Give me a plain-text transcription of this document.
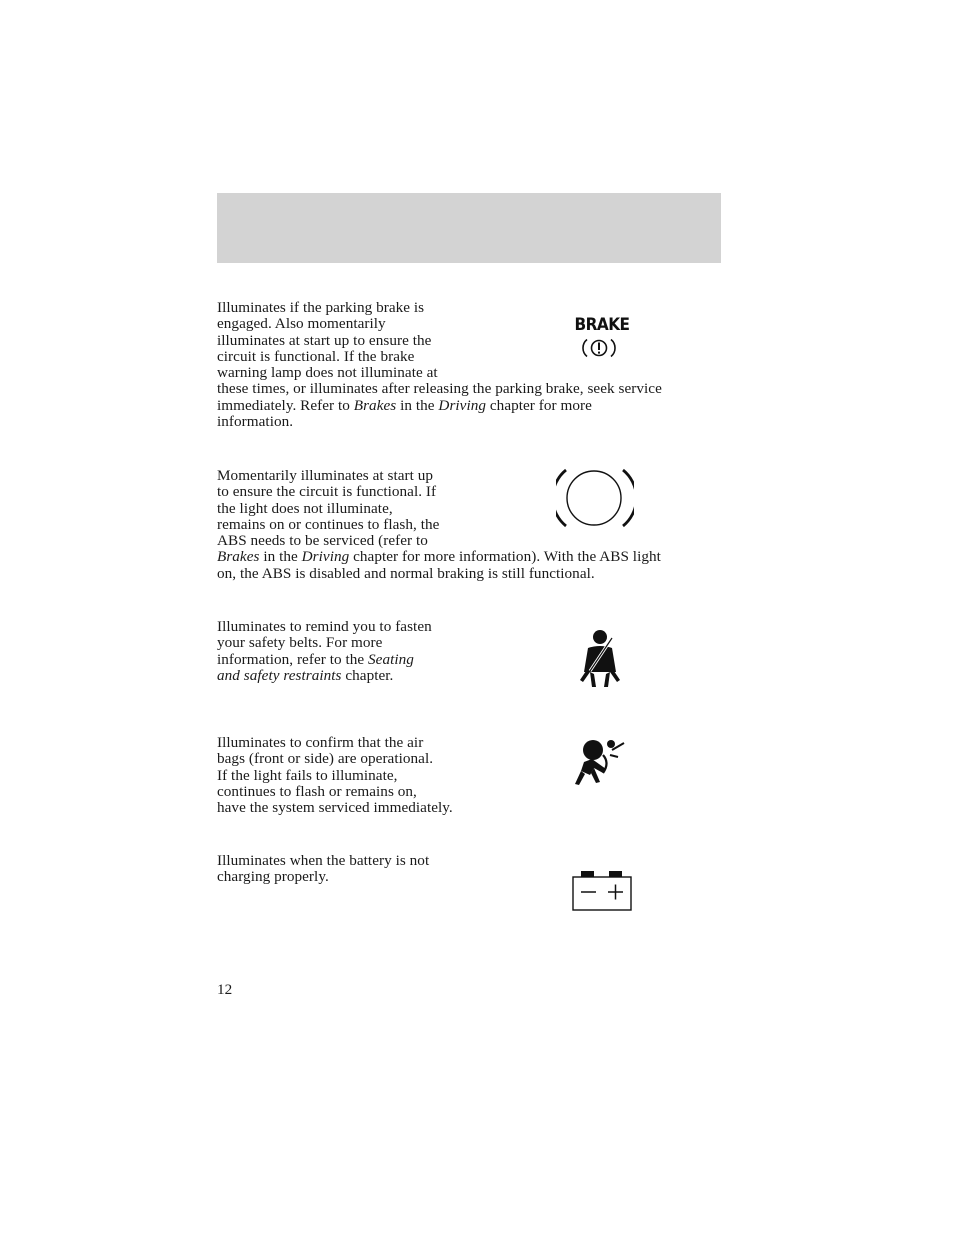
Illuminates if the parking brake is
engaged. Also momentarily
illuminates at start up to ensure the
circuit is functional. If the brake
warning lamp does not illuminate at
these times, or illuminates after releasing the parking brake, seek service
immediately. Refer to Brakes in the Driving chapter for more
information.
BRAKE
Momentarily illuminates at start up
to ensure the circuit is functional. If
the light does not illuminate,
remains on or continues to flash, the
ABS needs to be serviced (refer to
Brakes in the Driving chapter for more information). With the ABS light
on, the ABS is disabled and normal braking is still functional.
Illuminates to remind you to fasten
your safety belts. For more
information, refer to the Seating
and safety restraints chapter.
Illuminates to confirm that the air
bags (front or side) are operational.
If the light fails to illuminate,
continues to flash or remains on,
have the system serviced immediately.
Illuminates when the battery is not
charging properly.
12
